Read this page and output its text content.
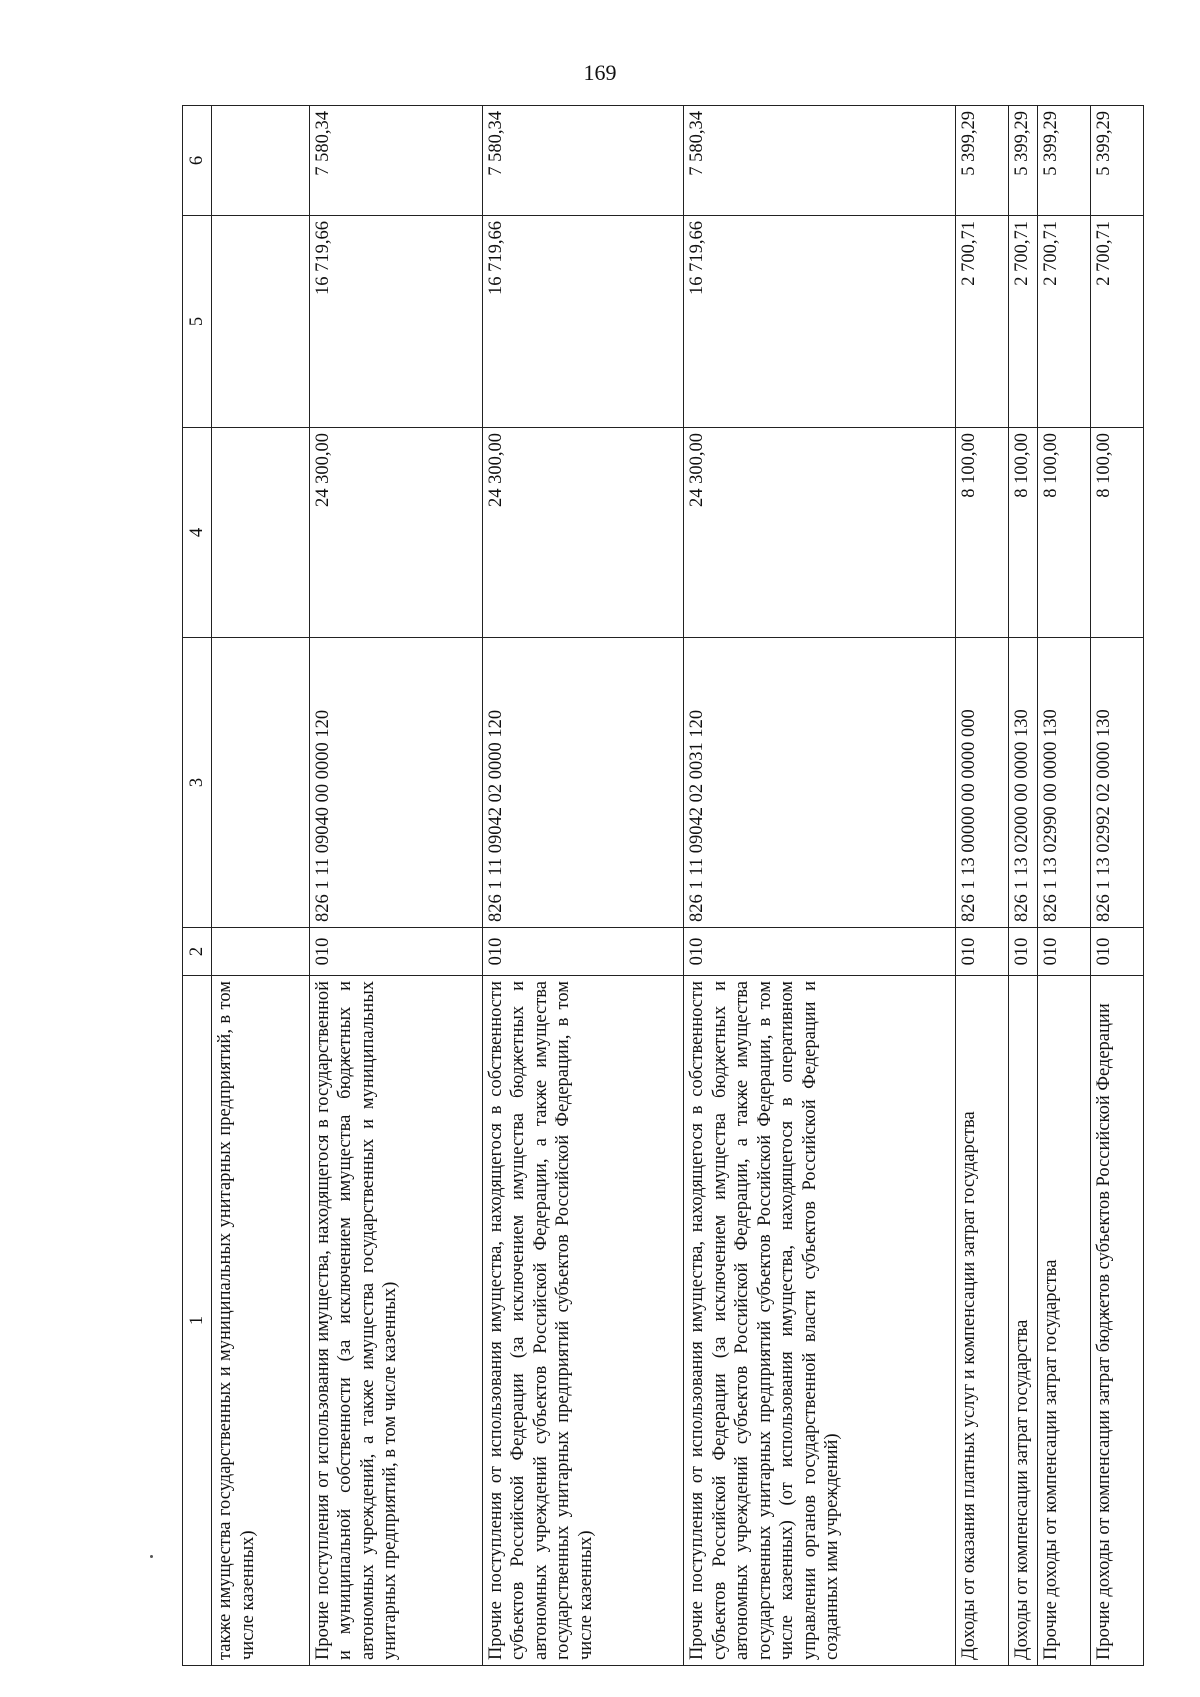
169
1	2	3	4	5	6
также имущества государственных и муниципальных унитарных предприятий, в том числе казенных)					
Прочие поступления от использования имущества, находящегося в государственной и муниципальной собственности (за исключением имущества бюджетных и автономных учреждений, а также имущества государственных и муниципальных унитарных предприятий, в том числе казенных)	010	826 1 11 09040 00 0000 120	24 300,00	16 719,66	7 580,34
Прочие поступления от использования имущества, находящегося в собственности субъектов Российской Федерации (за исключением имущества бюджетных и автономных учреждений субъектов Российской Федерации, а также имущества государственных унитарных предприятий субъектов Российской Федерации, в том числе казенных)	010	826 1 11 09042 02 0000 120	24 300,00	16 719,66	7 580,34
Прочие поступления от использования имущества, находящегося в собственности субъектов Российской Федерации (за исключением имущества бюджетных и автономных учреждений субъектов Российской Федерации, а также имущества государственных унитарных предприятий субъектов Российской Федерации, в том числе казенных) (от использования имущества, находящегося в оперативном управлении органов государственной власти субъектов Российской Федерации и созданных ими учреждений)	010	826 1 11 09042 02 0031 120	24 300,00	16 719,66	7 580,34
Доходы от оказания платных услуг и компенсации затрат государства	010	826 1 13 00000 00 0000 000	8 100,00	2 700,71	5 399,29
Доходы от компенсации затрат государства	010	826 1 13 02000 00 0000 130	8 100,00	2 700,71	5 399,29
Прочие доходы от компенсации затрат государства	010	826 1 13 02990 00 0000 130	8 100,00	2 700,71	5 399,29
Прочие доходы от компенсации затрат бюджетов субъектов Российской Федерации	010	826 1 13 02992 02 0000 130	8 100,00	2 700,71	5 399,29
